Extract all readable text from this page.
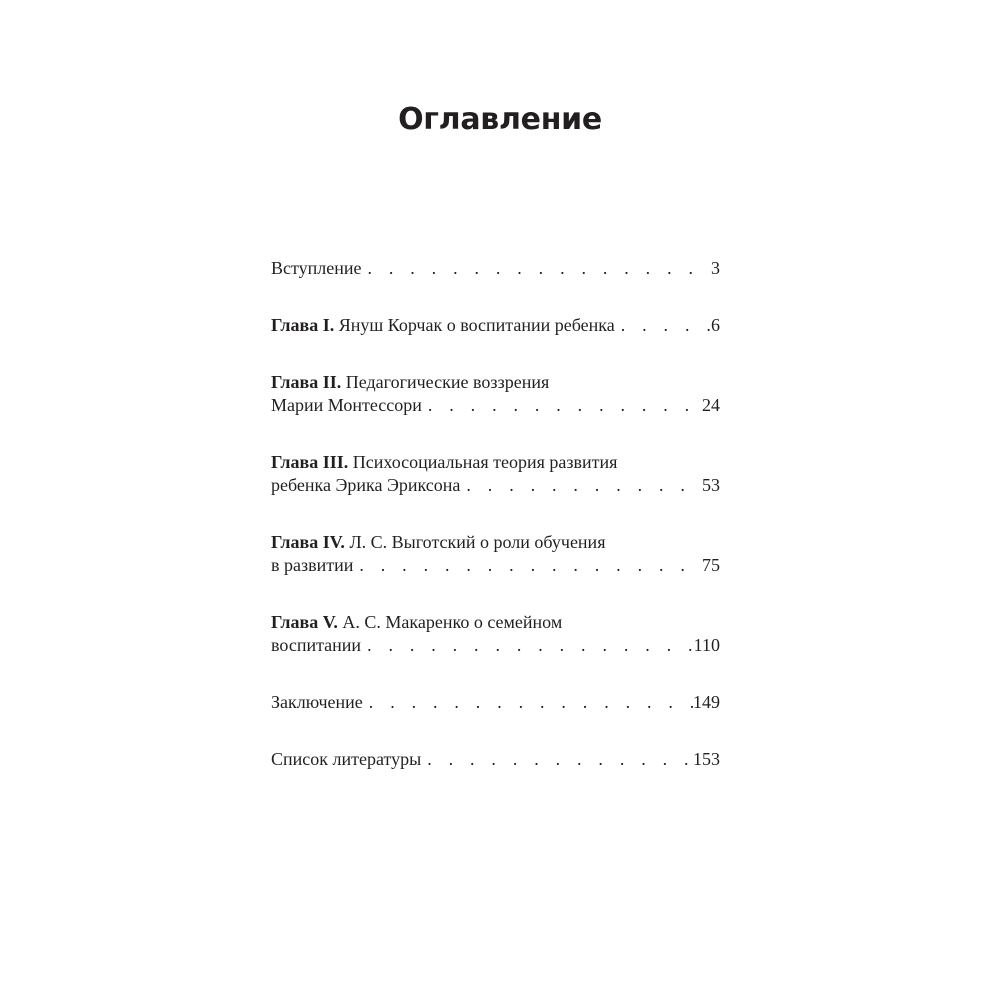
Оглавление
Вступление . . .	3
Глава I. Януш Корчак о воспитании ребенка . . .	6
Глава II. Педагогические воззрения
Марии Монтессори . . .	24
Глава III. Психосоциальная теория развития
ребенка Эрика Эриксона . . .	53
Глава IV. Л. С. Выготский о роли обучения
в развитии . . .	75
Глава V. А. С. Макаренко о семейном
воспитании . . .	110
Заключение . . .	149
Список литературы . . .	153
